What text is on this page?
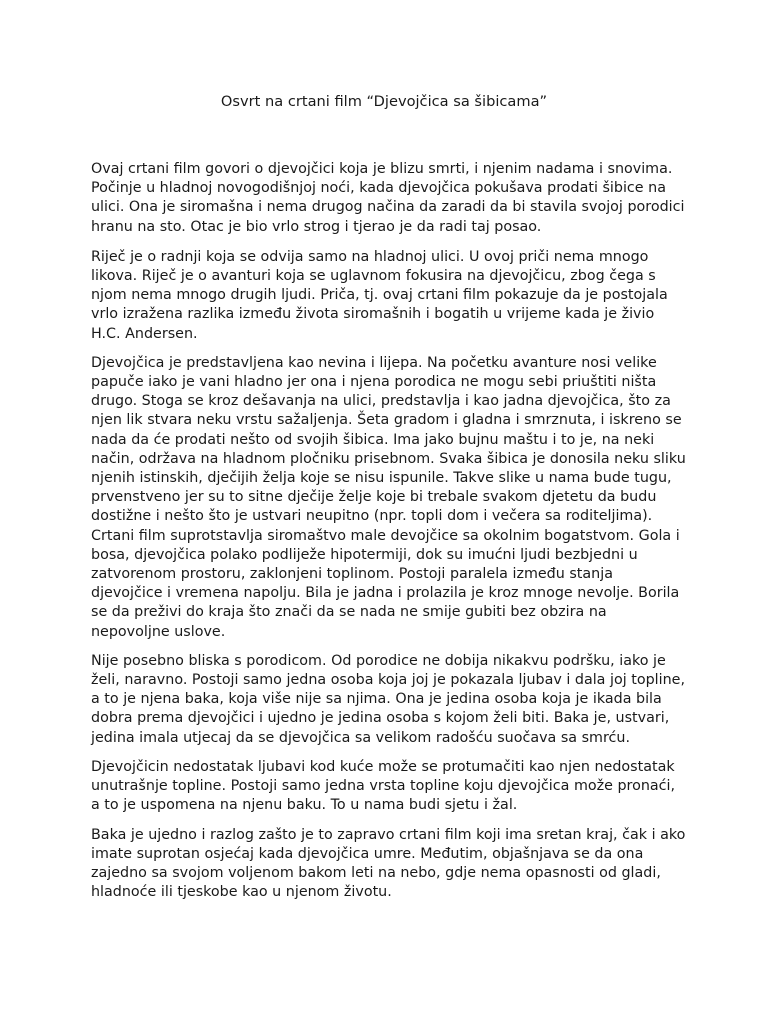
Osvrt na crtani film “Djevojčica sa šibicama”

Ovaj crtani film govori o djevojčici koja je blizu smrti, i njenim nadama i snovima. Počinje u hladnoj novogodišnjoj noći, kada djevojčica pokušava prodati šibice na ulici. Ona je siromašna i nema drugog načina da zaradi da bi stavila svojoj porodici hranu na sto. Otac je bio vrlo strog i tjerao je da radi taj posao.

Riječ je o radnji koja se odvija samo na hladnoj ulici. U ovoj priči nema mnogo likova. Riječ je o avanturi koja se uglavnom fokusira na djevojčicu, zbog čega s njom nema mnogo drugih ljudi. Priča, tj. ovaj crtani film pokazuje da je postojala vrlo izražena razlika između života siromašnih i bogatih u vrijeme kada je živio H.C. Andersen.

Djevojčica je predstavljena kao nevina i lijepa. Na početku avanture nosi velike papuče iako je vani hladno jer ona i njena porodica ne mogu sebi priuštiti ništa drugo. Stoga se kroz dešavanja na ulici, predstavlja i kao jadna djevojčica, što za njen lik stvara neku vrstu sažaljenja. Šeta gradom i gladna i smrznuta, i iskreno se nada da će prodati nešto od svojih šibica. Ima jako bujnu maštu i to je, na neki način, održava na hladnom pločniku prisebnom. Svaka šibica je donosila neku sliku njenih istinskih, dječijih želja koje se nisu ispunile. Takve slike u nama bude tugu, prvenstveno jer su to sitne dječije želje koje bi trebale svakom djetetu da budu dostižne i nešto što je ustvari neupitno (npr. topli dom i večera sa roditeljima). Crtani film suprotstavlja siromaštvo male devojčice sa okolnim bogatstvom. Gola i bosa, djevojčica polako podliježe hipotermiji, dok su imućni ljudi bezbjedni u zatvorenom prostoru, zaklonjeni toplinom. Postoji paralela između stanja djevojčice i vremena napolju. Bila je jadna i prolazila je kroz mnoge nevolje. Borila se da preživi do kraja što znači da se nada ne smije gubiti bez obzira na nepovoljne uslove.

Nije posebno bliska s porodicom. Od porodice ne dobija nikakvu podršku, iako je želi, naravno. Postoji samo jedna osoba koja joj je pokazala ljubav i dala joj topline, a to je njena baka, koja više nije sa njima. Ona je jedina osoba koja je ikada bila dobra prema djevojčici i ujedno je jedina osoba s kojom želi biti. Baka je, ustvari, jedina imala utjecaj da se djevojčica sa velikom radošću suočava sa smrću.

Djevojčicin nedostatak ljubavi kod kuće može se protumačiti kao njen nedostatak unutrašnje topline. Postoji samo jedna vrsta topline koju djevojčica može pronaći, a to je uspomena na njenu baku. To u nama budi sjetu i žal.

Baka je ujedno i razlog zašto je to zapravo crtani film koji ima sretan kraj, čak i ako imate suprotan osjećaj kada djevojčica umre. Međutim, objašnjava se da ona zajedno sa svojom voljenom bakom leti na nebo, gdje nema opasnosti od gladi, hladnoće ili tjeskobe kao u njenom životu.
